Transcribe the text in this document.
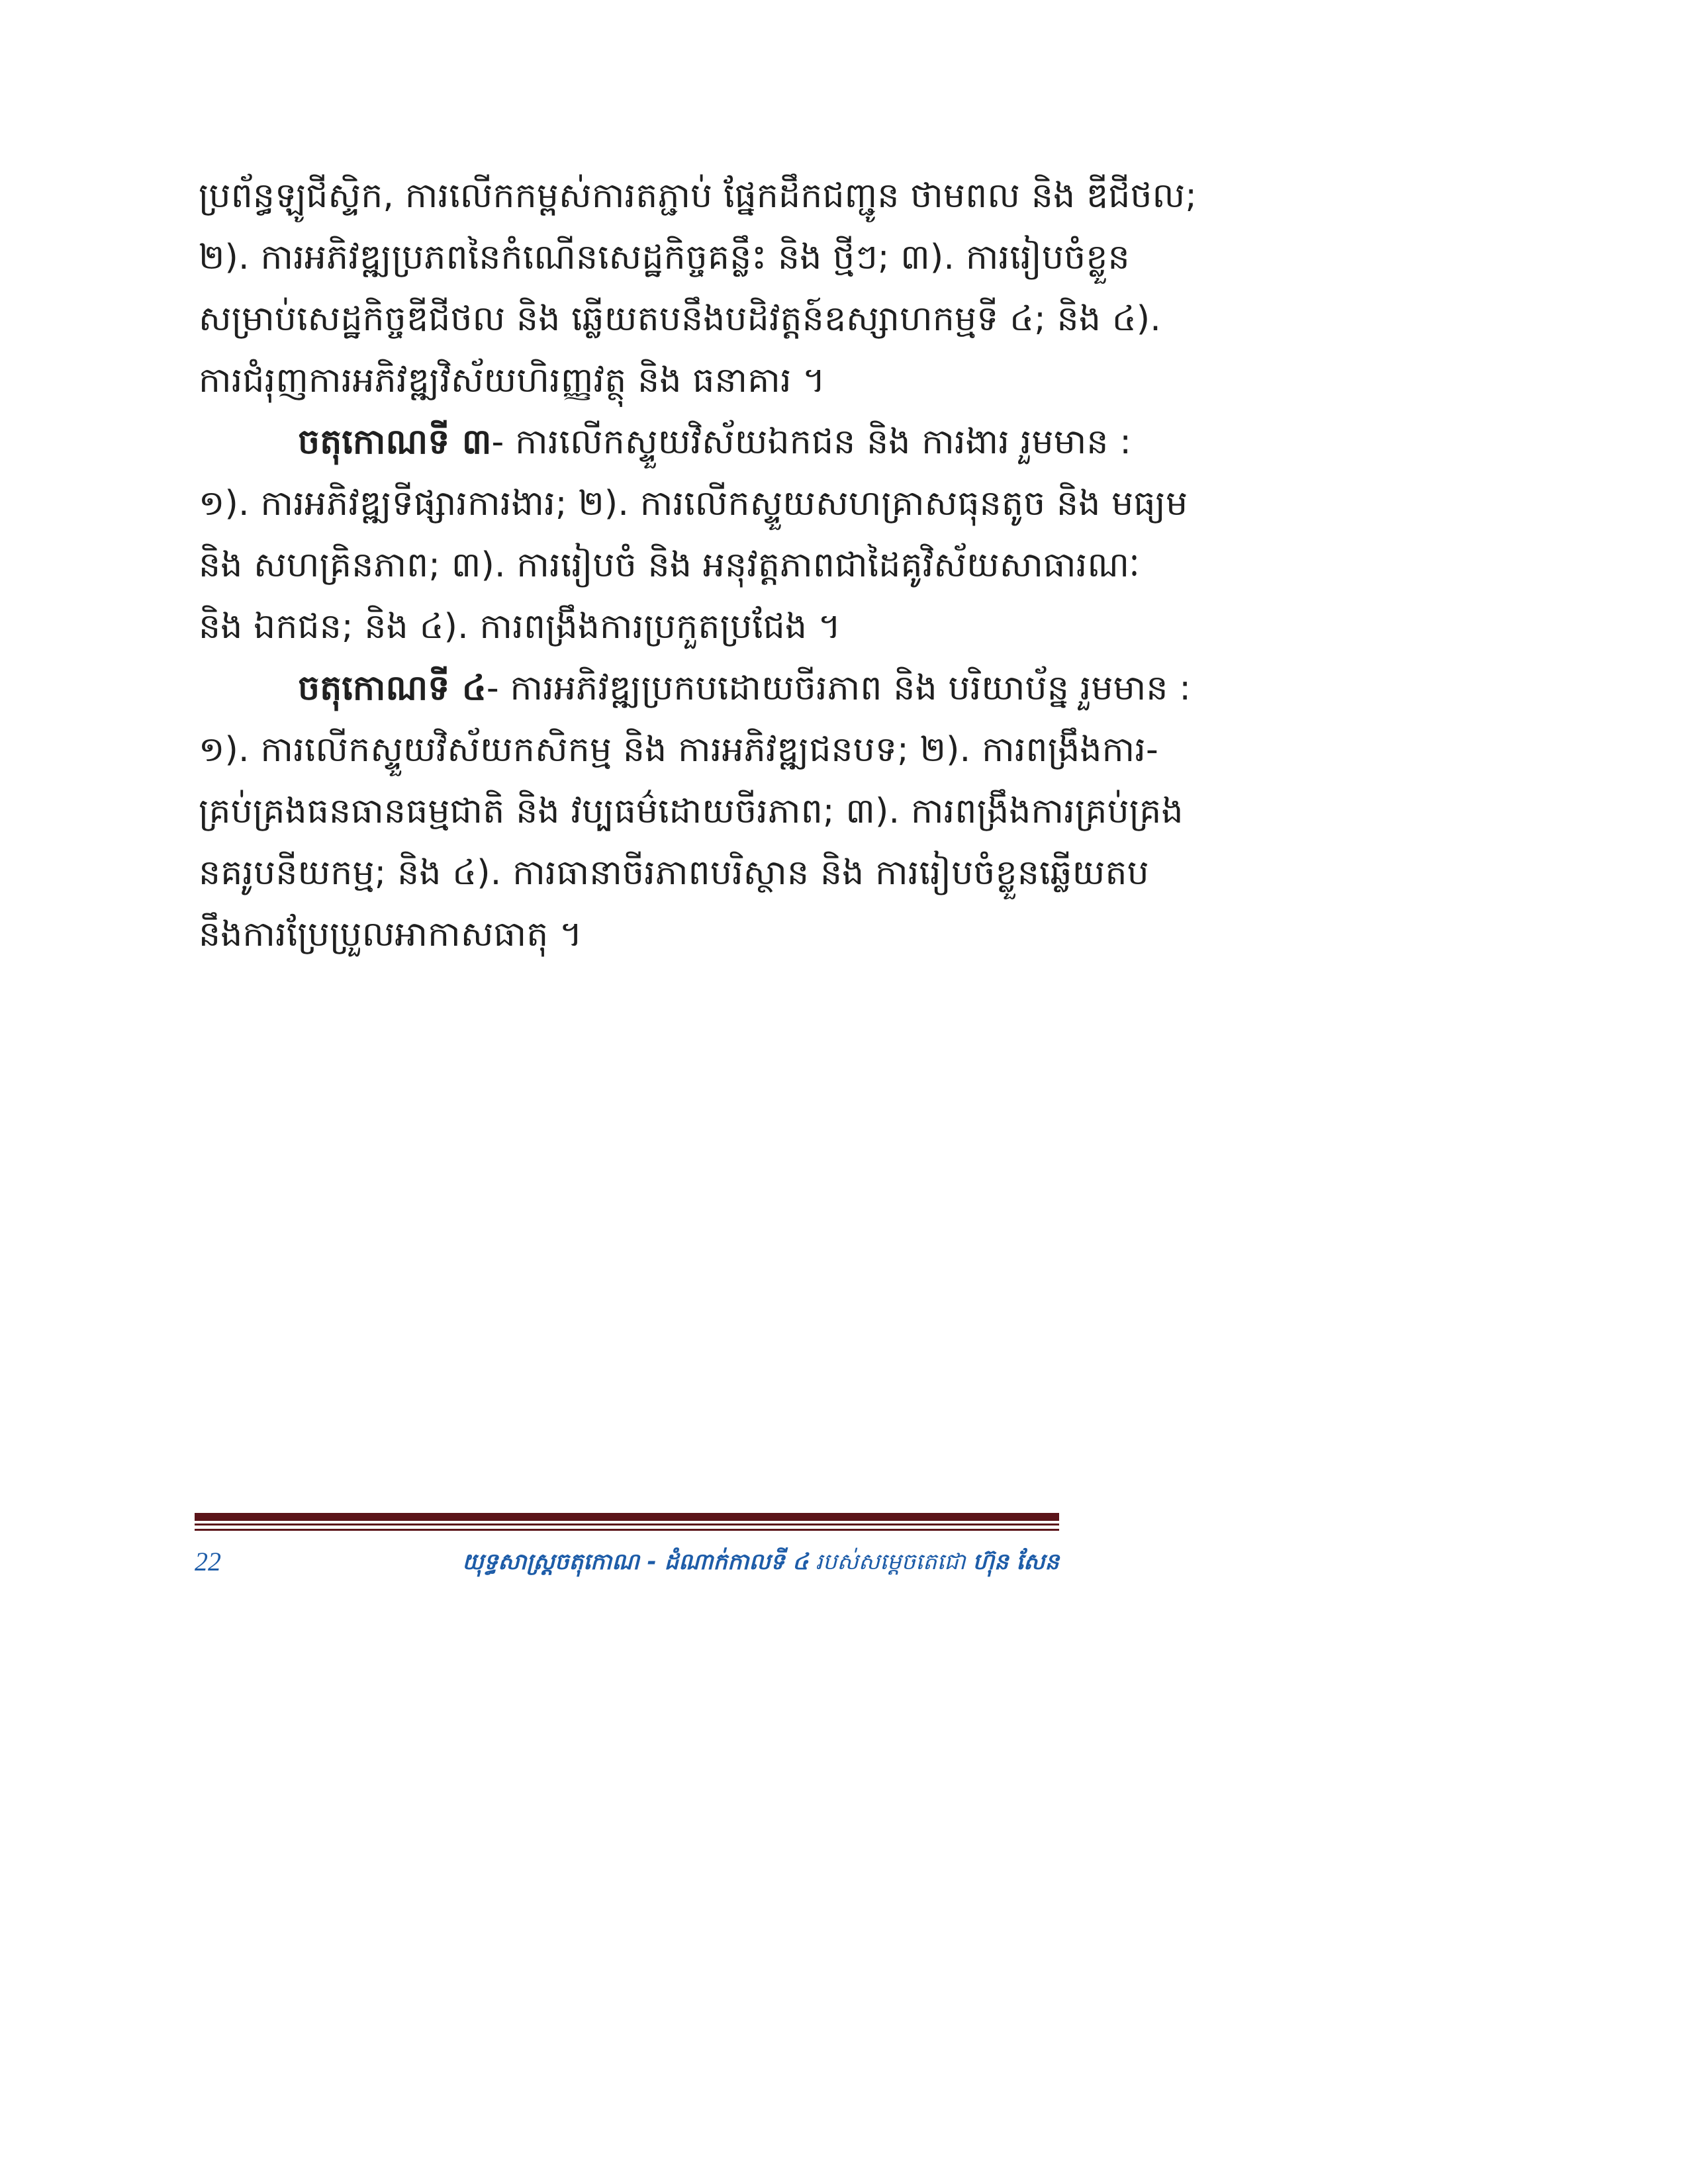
ប្រព័ន្ធឡូជីស្ទិក, ការលើកកម្ពស់ការតភ្ជាប់ ផ្នែកដឹកជញ្ជូន ថាមពល និង ឌីជីថល;
២). ការអភិវឌ្ឍប្រភពនៃកំណើនសេដ្ឋកិច្ចគន្លឹះ និង ថ្មីៗ; ៣). ការរៀបចំខ្លួន
សម្រាប់សេដ្ឋកិច្ចឌីជីថល និង ឆ្លើយតបនឹងបដិវត្តន៍ឧស្សាហកម្មទី ៤; និង ៤).
ការជំរុញការអភិវឌ្ឍវិស័យហិរញ្ញវត្ថុ និង ធនាគារ ។
ចតុកោណទី ៣- ការលើកស្ទួយវិស័យឯកជន និង ការងារ រួមមាន :
១). ការអភិវឌ្ឍទីផ្សារការងារ; ២). ការលើកស្ទួយសហគ្រាសធុនតូច និង មធ្យម
និង សហគ្រិនភាព; ៣). ការរៀបចំ និង អនុវត្តភាពជាដៃគូវិស័យសាធារណៈ
និង ឯកជន; និង ៤). ការពង្រឹងការប្រកួតប្រជែង ។
ចតុកោណទី ៤- ការអភិវឌ្ឍប្រកបដោយចីរភាព និង បរិយាប័ន្ន រួមមាន :
១). ការលើកស្ទួយវិស័យកសិកម្ម និង ការអភិវឌ្ឍជនបទ; ២). ការពង្រឹងការ-
គ្រប់គ្រងធនធានធម្មជាតិ និង វប្បធម៌ដោយចីរភាព; ៣). ការពង្រឹងការគ្រប់គ្រង
នគរូបនីយកម្ម; និង ៤). ការធានាចីរភាពបរិស្ថាន និង ការរៀបចំខ្លួនឆ្លើយតប
នឹងការប្រែប្រួលអាកាសធាតុ ។
22	យុទ្ធសាស្ត្រចតុកោណ - ដំណាក់កាលទី ៤ របស់សម្ដេចតេជោ ហ៊ុន សែន
